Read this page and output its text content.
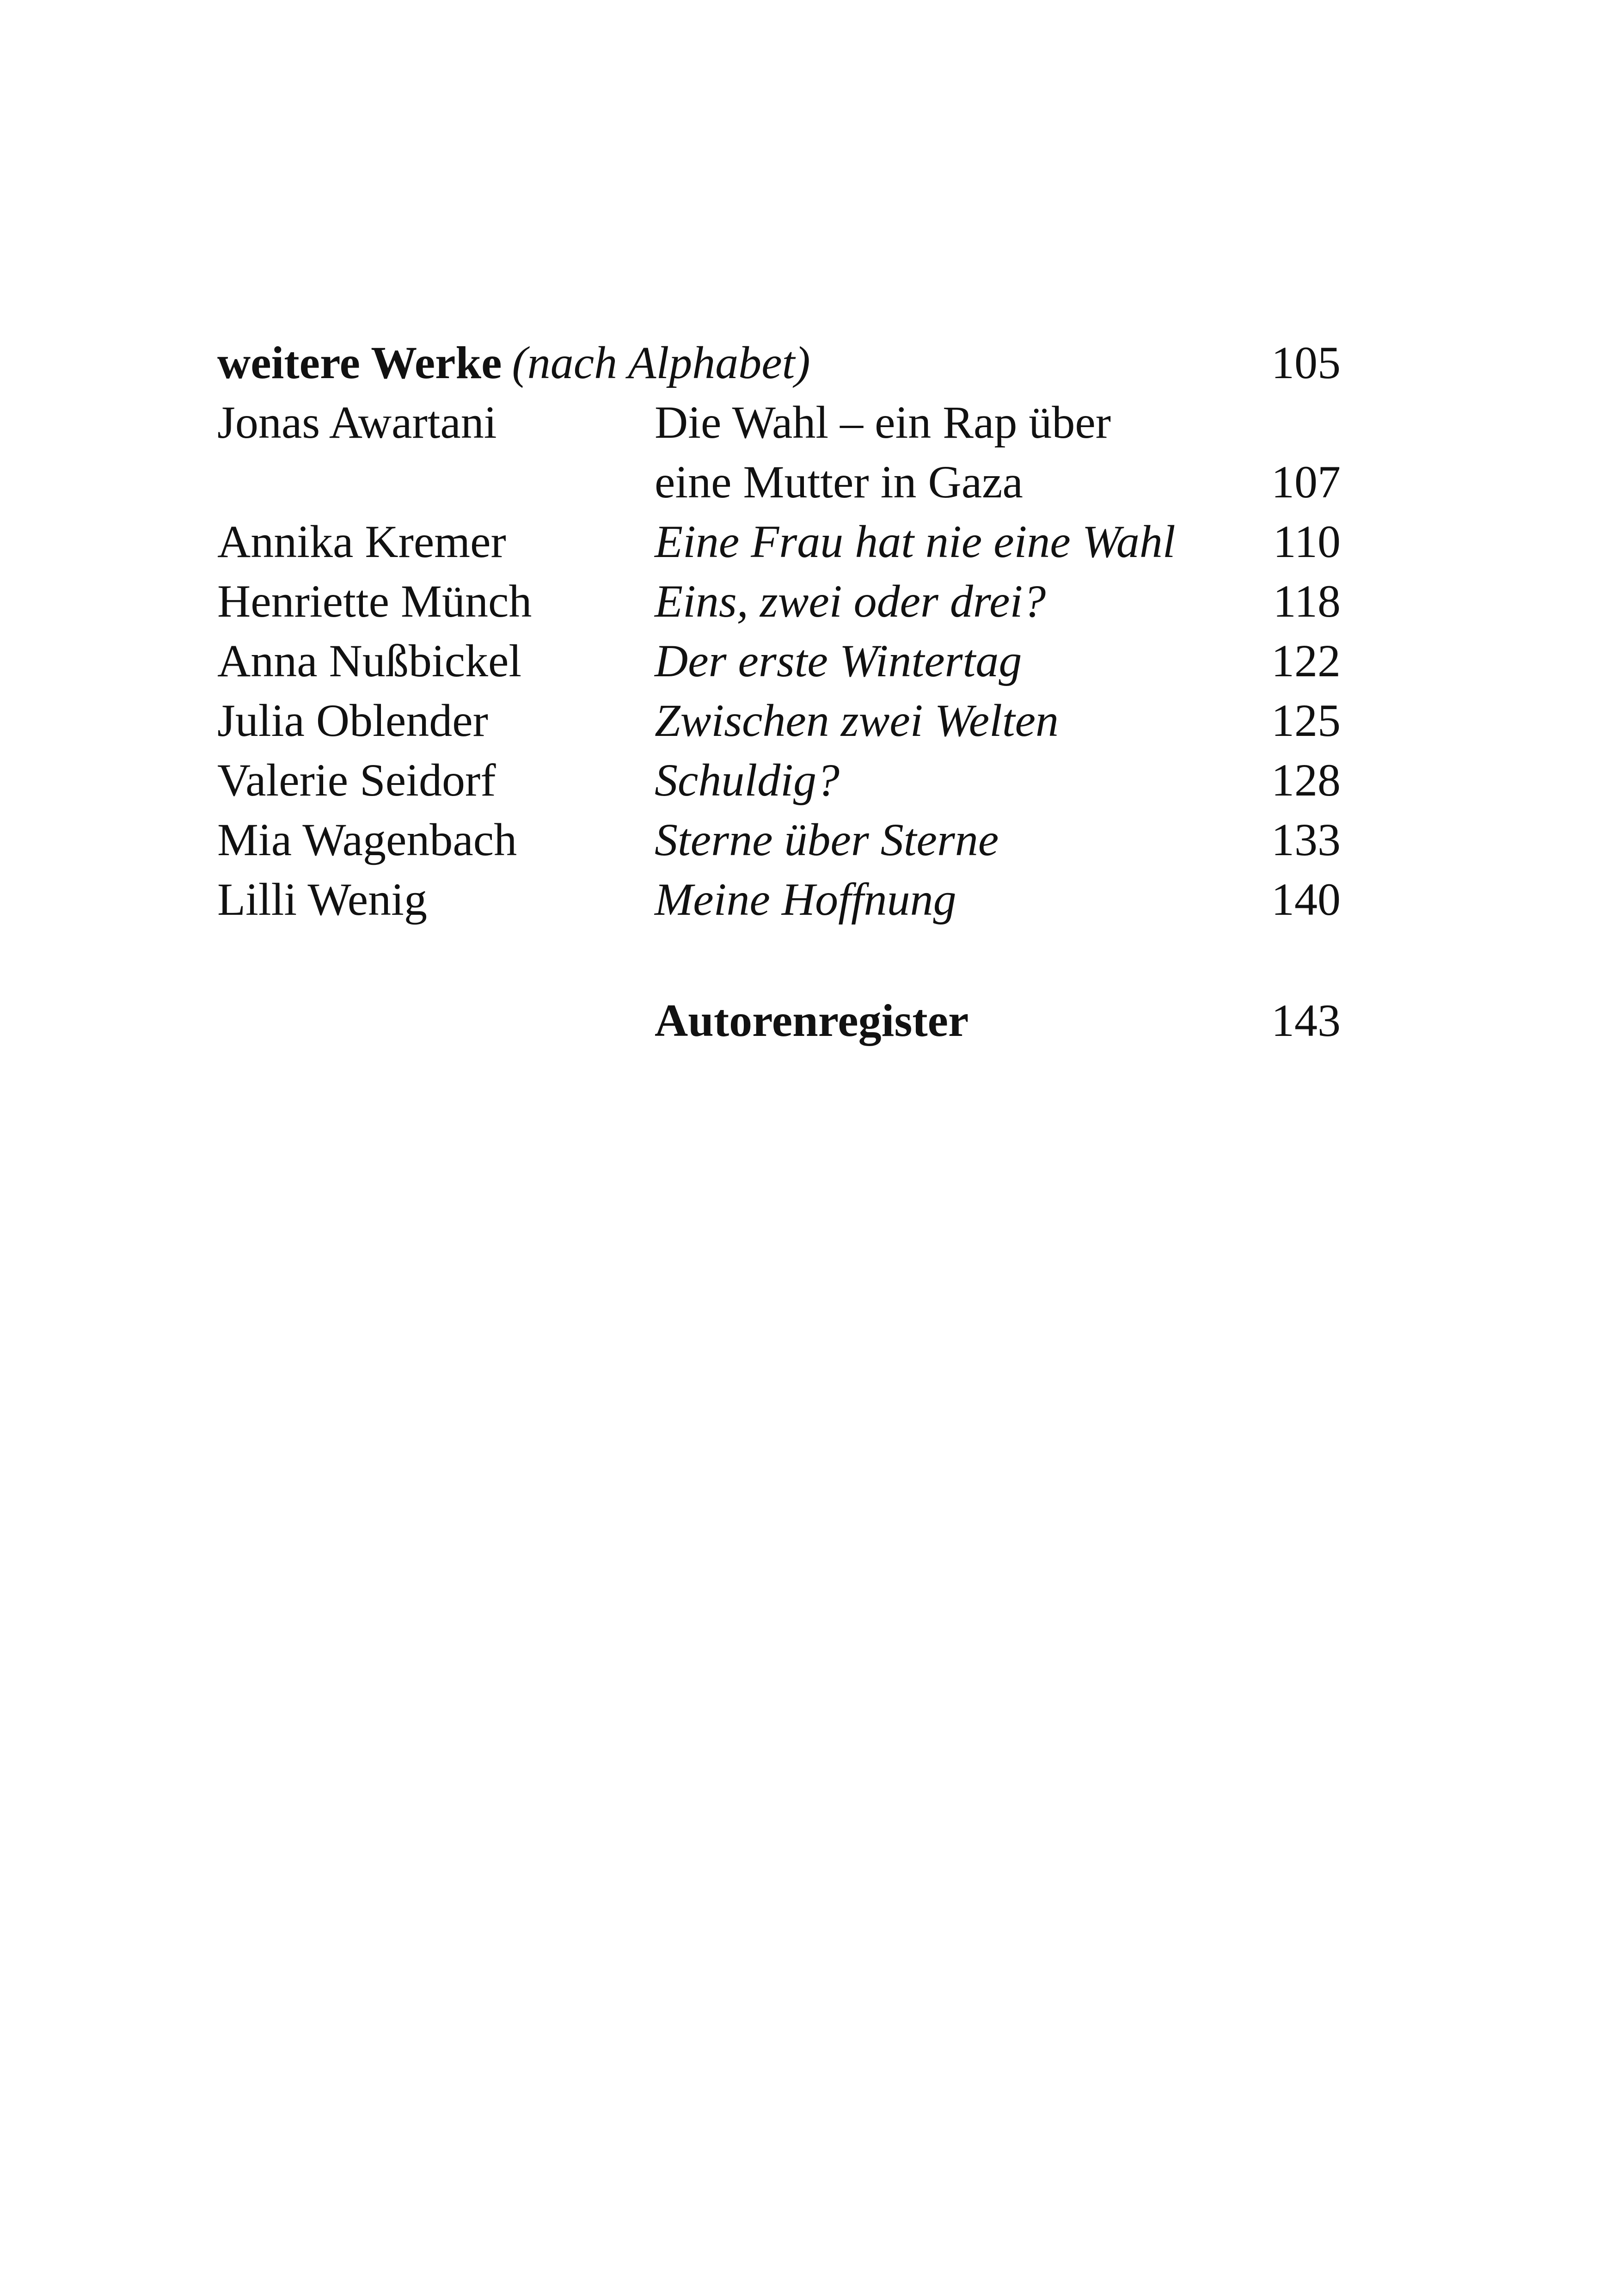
weitere Werke (nach Alphabet)	105
Jonas Awartani	Die Wahl – ein Rap über
eine Mutter in Gaza	107
Annika Kremer	Eine Frau hat nie eine Wahl 110
Henriette Münch	Eins, zwei oder drei?	118
Anna Nußbickel	Der erste Wintertag	122
Julia Oblender	Zwischen zwei Welten	125
Valerie Seidorf	Schuldig?	128
Mia Wagenbach	Sterne über Sterne	133
Lilli Wenig	Meine Hoffnung	140
Autorenregister	143
